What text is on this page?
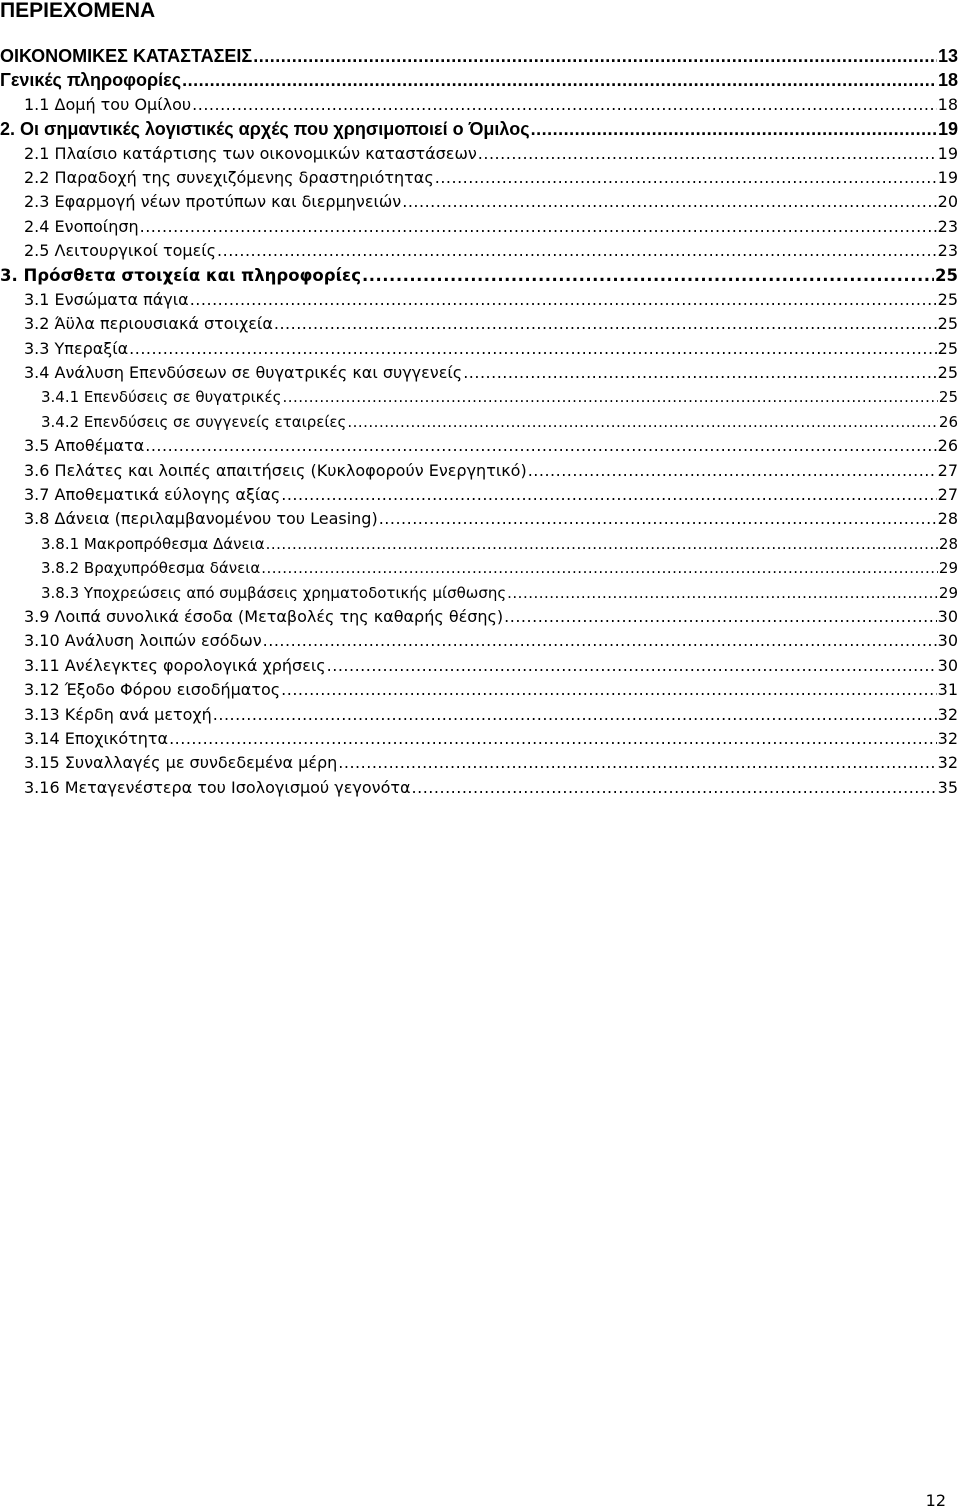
ΠΕΡΙΕΧΟΜΕΝΑ
ΟΙΚΟΝΟΜΙΚΕΣ ΚΑΤΑΣΤΑΣΕΙΣ .....	13
Γενικές πληροφορίες .....	18
1.1 Δομή του Ομίλου .....	18
2. Οι σημαντικές λογιστικές αρχές που χρησιμοποιεί ο Όμιλος .....	19
2.1 Πλαίσιο κατάρτισης των οικονομικών καταστάσεων .....	19
2.2 Παραδοχή της συνεχιζόμενης δραστηριότητας .....	19
2.3 Εφαρμογή νέων προτύπων και διερμηνειών .....	20
2.4 Ενοποίηση .....	23
2.5 Λειτουργικοί τομείς .....	23
3. Πρόσθετα στοιχεία και πληροφορίες .....	25
3.1 Ενσώματα πάγια .....	25
3.2 Άϋλα περιουσιακά στοιχεία .....	25
3.3 Υπεραξία .....	25
3.4 Ανάλυση Επενδύσεων σε θυγατρικές και συγγενείς .....	25
3.4.1 Επενδύσεις σε θυγατρικές .....	25
3.4.2 Επενδύσεις σε συγγενείς εταιρείες .....	26
3.5 Αποθέματα .....	26
3.6 Πελάτες και λοιπές απαιτήσεις (Κυκλοφορούν Ενεργητικό) .....	27
3.7 Αποθεματικά εύλογης αξίας .....	27
3.8 Δάνεια (περιλαμβανομένου του Leasing) .....	28
3.8.1 Μακροπρόθεσμα Δάνεια .....	28
3.8.2 Βραχυπρόθεσμα δάνεια .....	29
3.8.3 Υποχρεώσεις από συμβάσεις χρηματοδοτικής μίσθωσης .....	29
3.9 Λοιπά συνολικά έσοδα (Μεταβολές της καθαρής θέσης) .....	30
3.10 Ανάλυση λοιπών εσόδων .....	30
3.11 Ανέλεγκτες φορολογικά χρήσεις .....	30
3.12 Έξοδο Φόρου εισοδήματος .....	31
3.13 Κέρδη ανά μετοχή .....	32
3.14 Εποχικότητα .....	32
3.15 Συναλλαγές με συνδεδεμένα μέρη .....	32
3.16 Μεταγενέστερα του Ισολογισμού γεγονότα .....	35
12
